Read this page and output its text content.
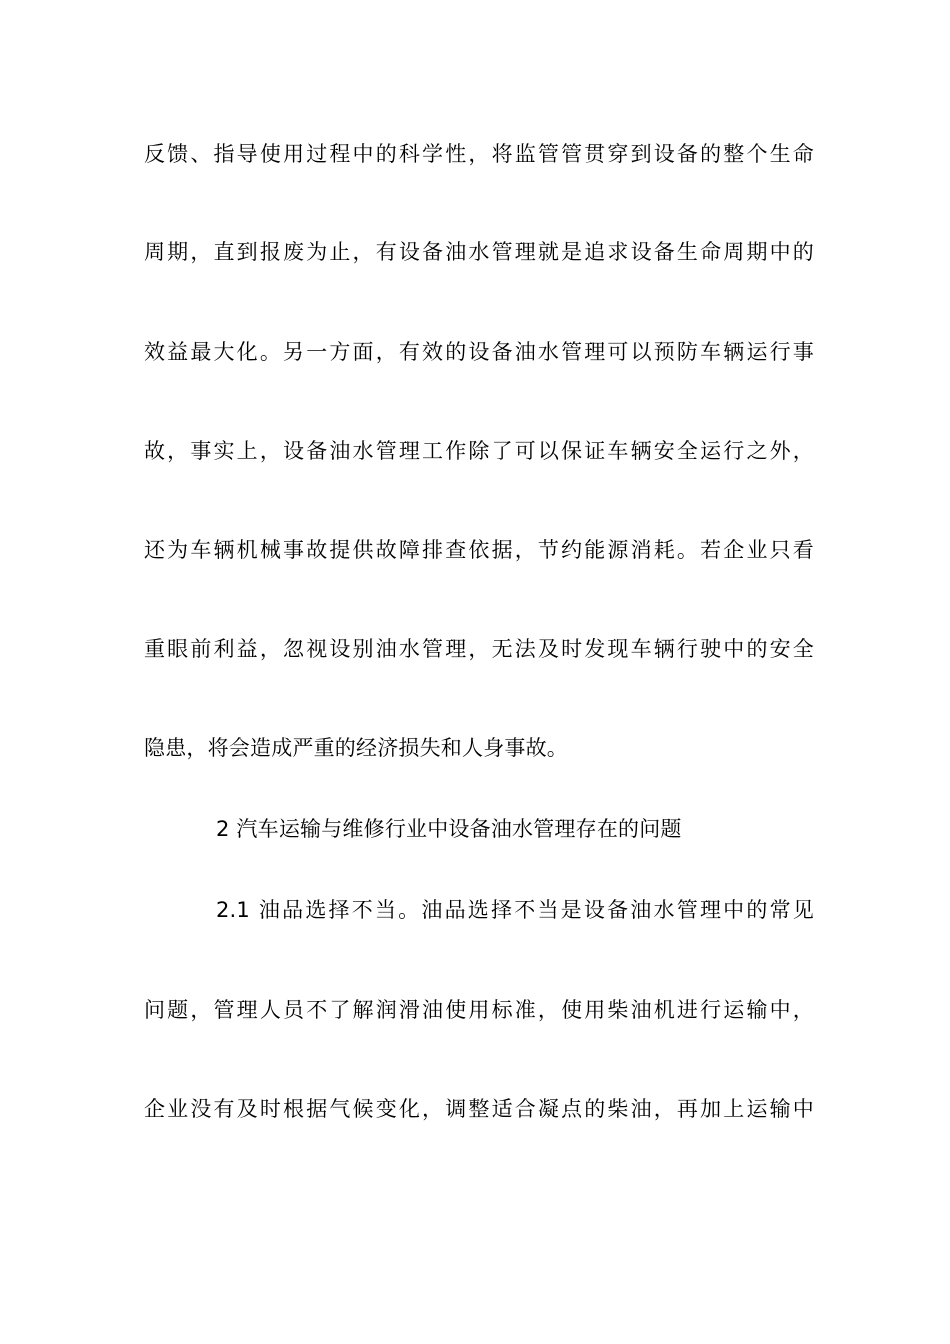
反馈、指导使用过程中的科学性，将监管管贯穿到设备的整个生命
周期，直到报废为止，有设备油水管理就是追求设备生命周期中的
效益最大化。另一方面，有效的设备油水管理可以预防车辆运行事
故，事实上，设备油水管理工作除了可以保证车辆安全运行之外，
还为车辆机械事故提供故障排查依据，节约能源消耗。若企业只看
重眼前利益，忽视设别油水管理，无法及时发现车辆行驶中的安全
隐患，将会造成严重的经济损失和人身事故。
2 汽车运输与维修行业中设备油水管理存在的问题
2.1 油品选择不当。油品选择不当是设备油水管理中的常见
问题，管理人员不了解润滑油使用标准，使用柴油机进行运输中，
企业没有及时根据气候变化，调整适合凝点的柴油，再加上运输中
